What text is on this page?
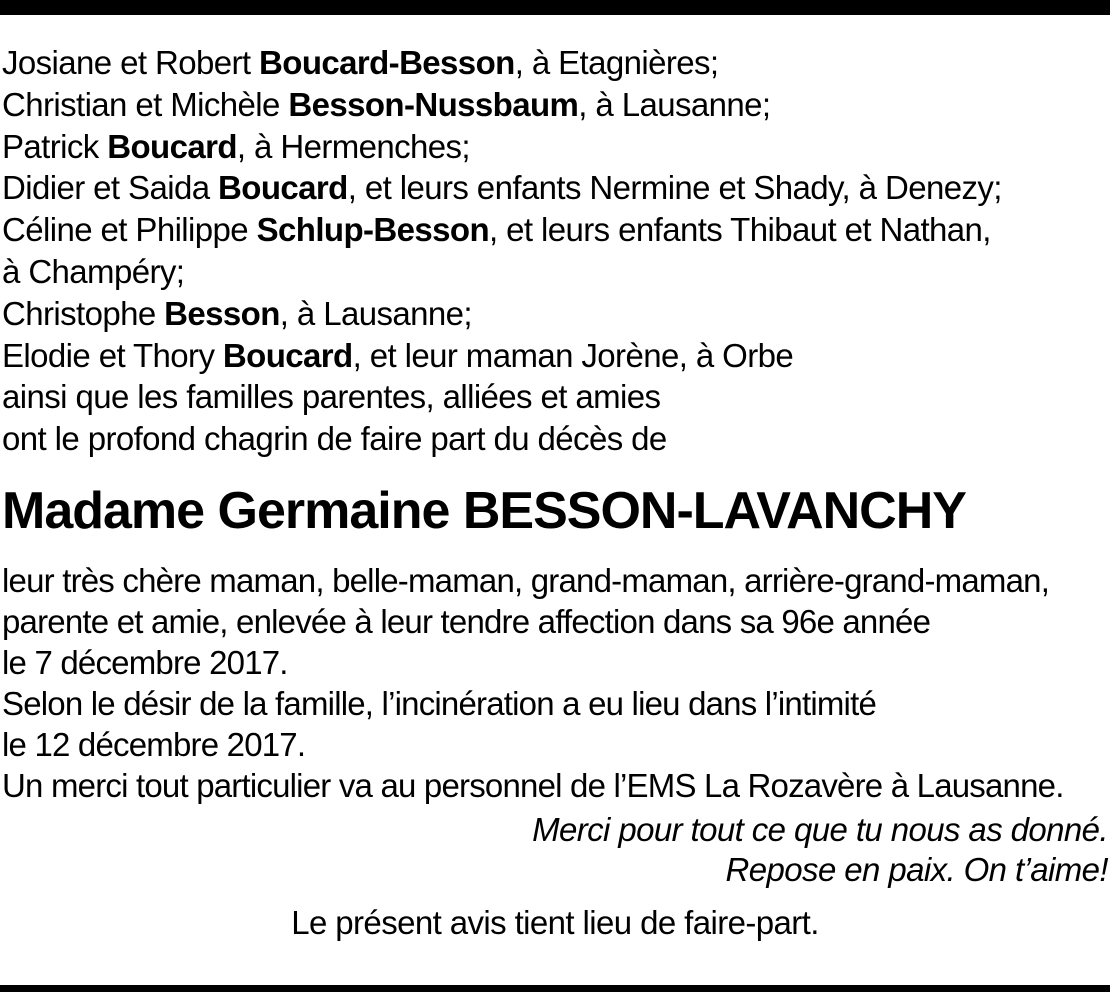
Josiane et Robert Boucard-Besson, à Etagnières;
Christian et Michèle Besson-Nussbaum, à Lausanne;
Patrick Boucard, à Hermenches;
Didier et Saida Boucard, et leurs enfants Nermine et Shady, à Denezy;
Céline et Philippe Schlup-Besson, et leurs enfants Thibaut et Nathan,
à Champéry;
Christophe Besson, à Lausanne;
Elodie et Thory Boucard, et leur maman Jorène, à Orbe
ainsi que les familles parentes, alliées et amies
ont le profond chagrin de faire part du décès de
Madame Germaine BESSON-LAVANCHY
leur très chère maman, belle-maman, grand-maman, arrière-grand-maman,
parente et amie, enlevée à leur tendre affection dans sa 96e année
le 7 décembre 2017.
Selon le désir de la famille, l’incinération a eu lieu dans l’intimité
le 12 décembre 2017.
Un merci tout particulier va au personnel de l’EMS La Rozavère à Lausanne.
Merci pour tout ce que tu nous as donné.
Repose en paix. On t’aime!
Le présent avis tient lieu de faire-part.
